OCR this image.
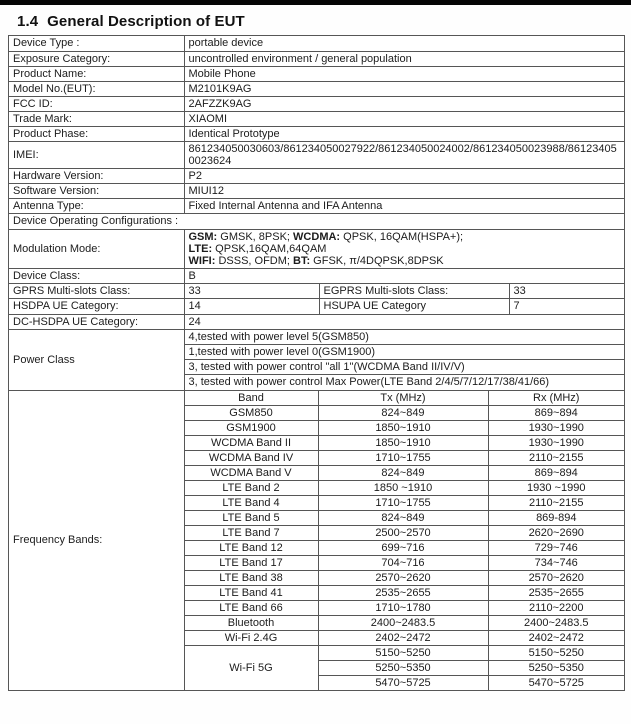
1.4 General Description of EUT
Device Type :	portable device
Exposure Category:	uncontrolled environment / general population
Product Name:	Mobile Phone
Model No.(EUT):	M2101K9AG
FCC ID:	2AFZZK9AG
Trade Mark:	XIAOMI
Product Phase:	Identical Prototype
IMEI:	861234050030603/861234050027922/861234050024002/861234050023988/861234050023624
Hardware Version:	P2
Software Version:	MIUI12
Antenna Type:	Fixed Internal Antenna and IFA Antenna
Device Operating Configurations :
Modulation Mode:	GSM: GMSK, 8PSK; WCDMA: QPSK, 16QAM(HSPA+);
LTE: QPSK,16QAM,64QAM
WIFI: DSSS, OFDM; BT: GFSK, π/4DQPSK,8DPSK

Device Class:	B
GPRS Multi-slots Class:	33	EGPRS Multi-slots Class:	33
HSDPA UE Category:	14	HSUPA UE Category	7
DC-HSDPA UE Category:	24
Power Class	4,tested with power level 5(GSM850)
1,tested with power level 0(GSM1900)
3, tested with power control "all 1"(WCDMA Band II/IV/V)
3, tested with power control Max Power(LTE Band 2/4/5/7/12/17/38/41/66)
Frequency Bands:	Band	Tx (MHz)	Rx (MHz)
	GSM850	824~849	869~894
	GSM1900	1850~1910	1930~1990
	WCDMA Band II	1850~1910	1930~1990
	WCDMA Band IV	1710~1755	2110~2155
	WCDMA Band V	824~849	869~894
	LTE Band 2	1850 ~1910	1930 ~1990
	LTE Band 4	1710~1755	2110~2155
	LTE Band 5	824~849	869-894
	LTE Band 7	2500~2570	2620~2690
	LTE Band 12	699~716	729~746
	LTE Band 17	704~716	734~746
	LTE Band 38	2570~2620	2570~2620
	LTE Band 41	2535~2655	2535~2655
	LTE Band 66	1710~1780	2110~2200
	Bluetooth	2400~2483.5	2400~2483.5
	Wi-Fi 2.4G	2402~2472	2402~2472
	Wi-Fi 5G	5150~5250	5150~5250
		5250~5350	5250~5350
		5470~5725	5470~5725
